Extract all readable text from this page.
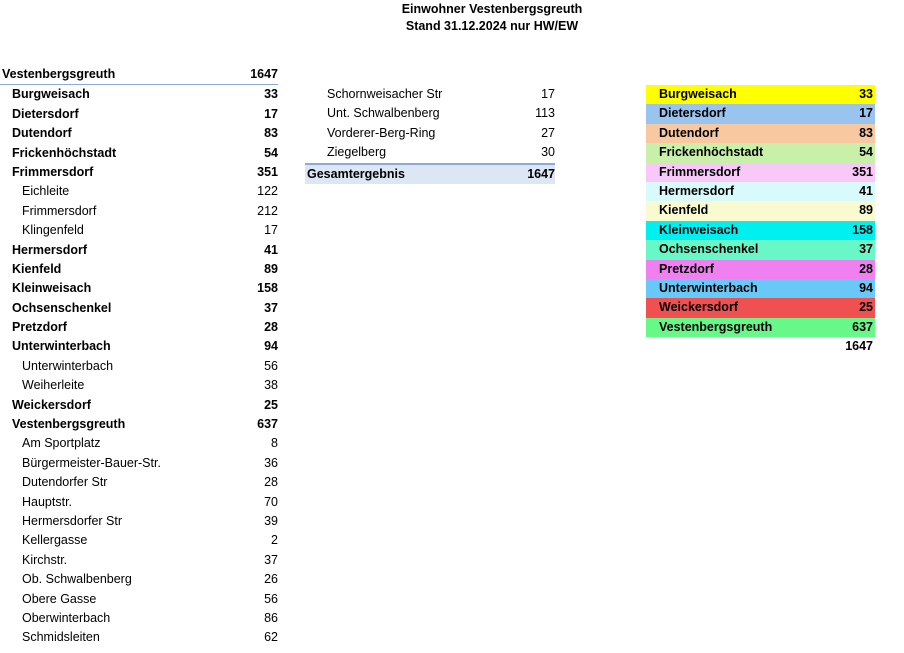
Einwohner Vestenbergsgreuth
Stand 31.12.2024 nur HW/EW
Vestenbergsgreuth	1647
Burgweisach	33
Dietersdorf	17
Dutendorf	83
Frickenhöchstadt	54
Frimmersdorf	351
Eichleite	122
Frimmersdorf	212
Klingenfeld	17
Hermersdorf	41
Kienfeld	89
Kleinweisach	158
Ochsenschenkel	37
Pretzdorf	28
Unterwinterbach	94
Unterwinterbach	56
Weiherleite	38
Weickersdorf	25
Vestenbergsgreuth	637
Am Sportplatz	8
Bürgermeister-Bauer-Str.	36
Dutendorfer Str	28
Hauptstr.	70
Hermersdorfer Str	39
Kellergasse	2
Kirchstr.	37
Ob. Schwalbenberg	26
Obere Gasse	56
Oberwinterbach	86
Schmidsleiten	62
Schornweisacher Str	17
Unt. Schwalbenberg	113
Vorderer-Berg-Ring	27
Ziegelberg	30
Gesamtergebnis	1647
Burgweisach	33
Dietersdorf	17
Dutendorf	83
Frickenhöchstadt	54
Frimmersdorf	351
Hermersdorf	41
Kienfeld	89
Kleinweisach	158
Ochsenschenkel	37
Pretzdorf	28
Unterwinterbach	94
Weickersdorf	25
Vestenbergsgreuth	637
1647
